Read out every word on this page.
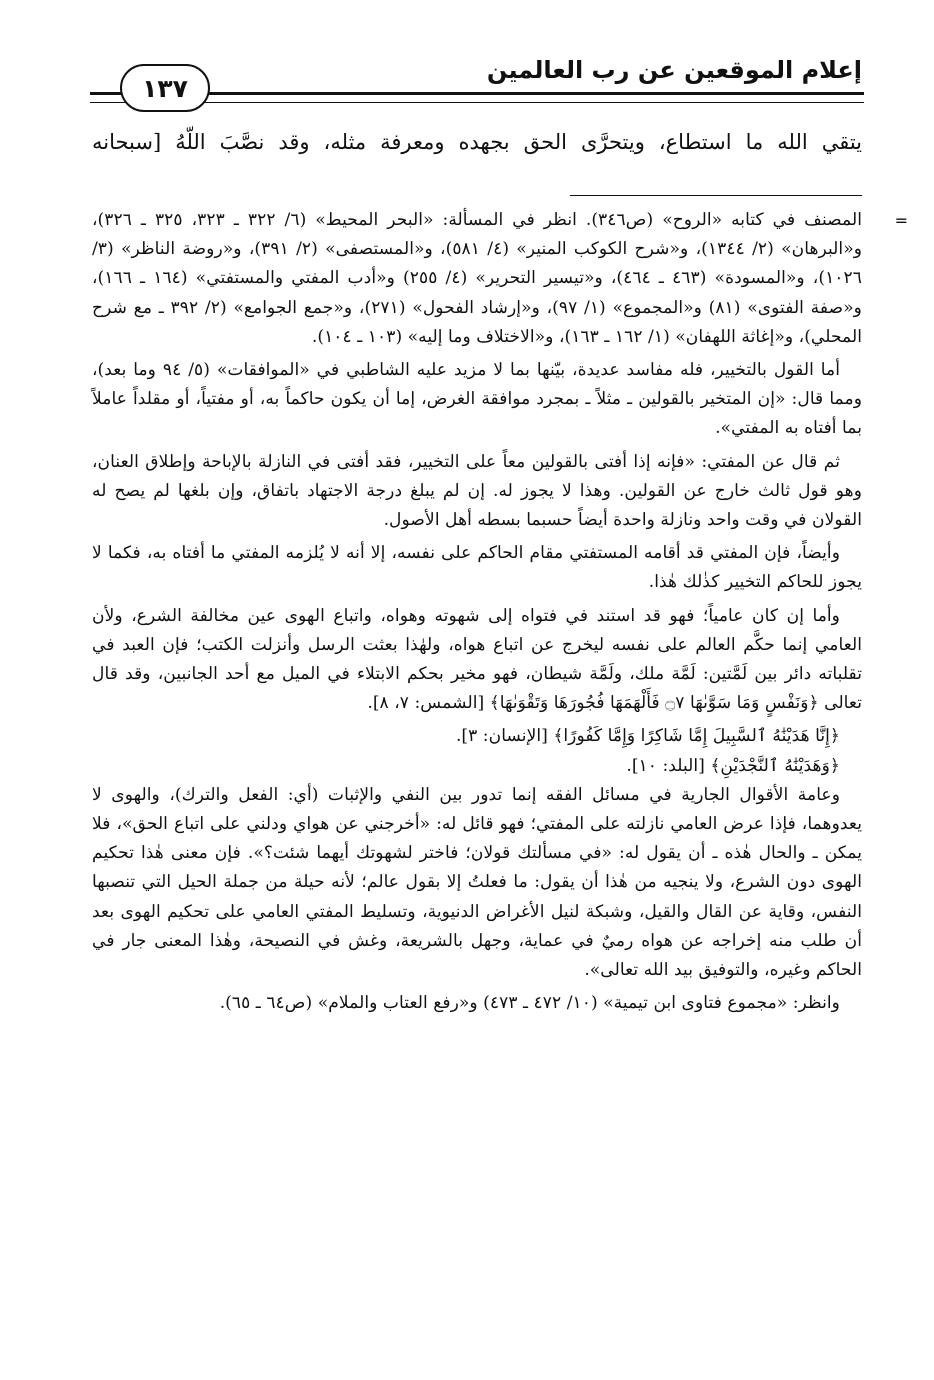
إعلام الموقعين عن رب العالمين
١٣٧
يتقي الله ما استطاع، ويتحرَّى الحق بجهده ومعرفة مثله، وقد نصَّبَ اللَّهُ [سبحانه

=
المصنف في كتابه «الروح» (ص٣٤٦). انظر في المسألة: «البحر المحيط» (٦/ ٣٢٢ ـ ٣٢٣، ٣٢٥ ـ ٣٢٦)، و«البرهان» (٢/ ١٣٤٤)، و«شرح الكوكب المنير» (٤/ ٥٨١)، و«المستصفى» (٢/ ٣٩١)، و«روضة الناظر» (٣/ ١٠٢٦)، و«المسودة» (٤٦٣ ـ ٤٦٤)، و«تيسير التحرير» (٤/ ٢٥٥) و«أدب المفتي والمستفتي» (١٦٤ ـ ١٦٦)، و«صفة الفتوى» (٨١) و«المجموع» (١/ ٩٧)، و«إرشاد الفحول» (٢٧١)، و«جمع الجوامع» (٢/ ٣٩٢ ـ مع شرح المحلي)، و«إغاثة اللهفان» (١/ ١٦٢ ـ ١٦٣)، و«الاختلاف وما إليه» (١٠٣ ـ ١٠٤).

أما القول بالتخيير، فله مفاسد عديدة، بيّنها بما لا مزيد عليه الشاطبي في «الموافقات» (٥/ ٩٤ وما بعد)، ومما قال: «إن المتخير بالقولين ـ مثلاً ـ بمجرد موافقة الغرض، إما أن يكون حاكماً به، أو مفتياً، أو مقلداً عاملاً بما أفتاه به المفتي».

ثم قال عن المفتي: «فإنه إذا أفتى بالقولين معاً على التخيير، فقد أفتى في النازلة بالإباحة وإطلاق العنان، وهو قول ثالث خارج عن القولين. وهذا لا يجوز له. إن لم يبلغ درجة الاجتهاد باتفاق، وإن بلغها لم يصح له القولان في وقت واحد ونازلة واحدة أيضاً حسبما بسطه أهل الأصول.

وأيضاً، فإن المفتي قد أقامه المستفتي مقام الحاكم على نفسه، إلا أنه لا يُلزمه المفتي ما أفتاه به، فكما لا يجوز للحاكم التخيير كذٰلك هٰذا.

وأما إن كان عامياً؛ فهو قد استند في فتواه إلى شهوته وهواه، واتباع الهوى عين مخالفة الشرع، ولأن العامي إنما حكَّم العالم على نفسه ليخرج عن اتباع هواه، ولهٰذا بعثت الرسل وأنزلت الكتب؛ فإن العبد في تقلباته دائر بين لَمَّتين: لَمَّة ملك، ولَمَّة شيطان، فهو مخير بحكم الابتلاء في الميل مع أحد الجانبين، وقد قال تعالى ﴿وَنَفْسٍ وَمَا سَوَّىٰهَا ۝٧ فَأَلْهَمَهَا فُجُورَهَا وَتَقْوَىٰهَا﴾ [الشمس: ٧، ٨].

﴿إِنَّا هَدَيْنَٰهُ ٱلسَّبِيلَ إِمَّا شَاكِرًا وَإِمَّا كَفُورًا﴾ [الإنسان: ٣].

﴿وَهَدَيْنَٰهُ ٱلنَّجْدَيْنِ﴾ [البلد: ١٠].

وعامة الأقوال الجارية في مسائل الفقه إنما تدور بين النفي والإثبات (أي: الفعل والترك)، والهوى لا يعدوهما، فإذا عرض العامي نازلته على المفتي؛ فهو قائل له: «أخرجني عن هواي ودلني على اتباع الحق»، فلا يمكن ـ والحال هٰذه ـ أن يقول له: «في مسألتك قولان؛ فاختر لشهوتك أيهما شئت؟». فإن معنى هٰذا تحكيم الهوى دون الشرع، ولا ينجيه من هٰذا أن يقول: ما فعلتُ إلا بقول عالم؛ لأنه حيلة من جملة الحيل التي تنصبها النفس، وقاية عن القال والقيل، وشبكة لنيل الأغراض الدنيوية، وتسليط المفتي العامي على تحكيم الهوى بعد أن طلب منه إخراجه عن هواه رميٌ في عماية، وجهل بالشريعة، وغش في النصيحة، وهٰذا المعنى جار في الحاكم وغيره، والتوفيق بيد الله تعالى».

وانظر: «مجموع فتاوى ابن تيمية» (١٠/ ٤٧٢ ـ ٤٧٣) و«رفع العتاب والملام» (ص٦٤ ـ ٦٥).
